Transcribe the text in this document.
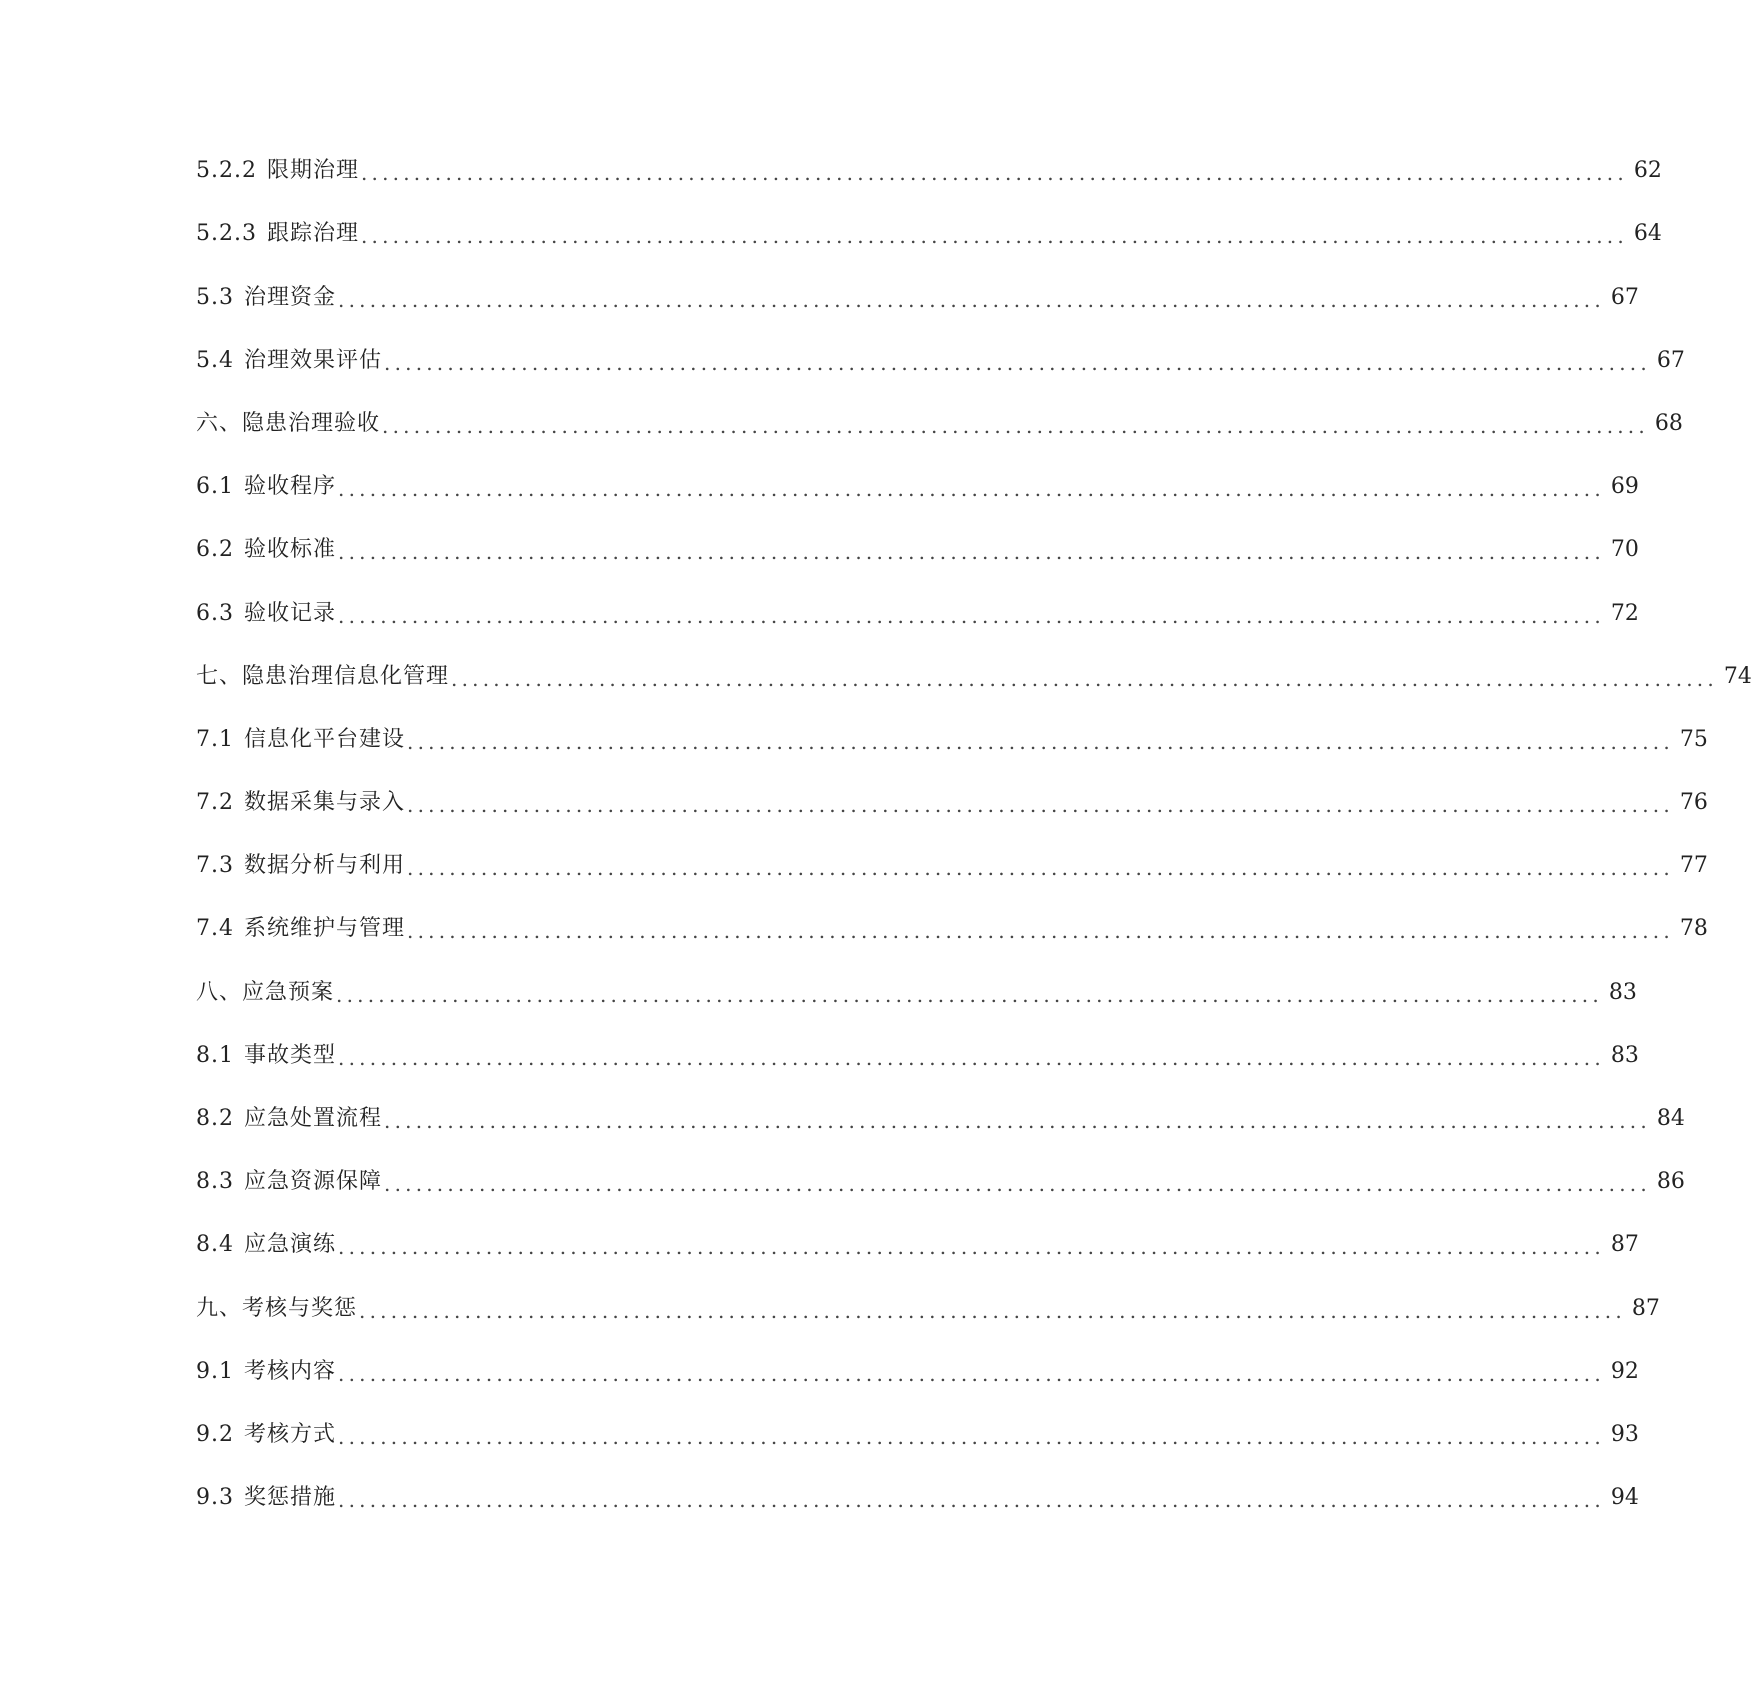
5.2.2 限期治理 ........................................................................................................................ 62
5.2.3 跟踪治理 ........................................................................................................................ 64
5.3 治理资金 ........................................................................................................................ 67
5.4 治理效果评估 ........................................................................................................................ 67
六、 隐患治理验收 ........................................................................................................................ 68
6.1 验收程序 ........................................................................................................................ 69
6.2 验收标准 ........................................................................................................................ 70
6.3 验收记录 ........................................................................................................................ 72
七、 隐患治理信息化管理 ........................................................................................................................ 74
7.1 信息化平台建设 ........................................................................................................................ 75
7.2 数据采集与录入 ........................................................................................................................ 76
7.3 数据分析与利用 ........................................................................................................................ 77
7.4 系统维护与管理 ........................................................................................................................ 78
八、 应急预案 ........................................................................................................................ 83
8.1 事故类型 ........................................................................................................................ 83
8.2 应急处置流程 ........................................................................................................................ 84
8.3 应急资源保障 ........................................................................................................................ 86
8.4 应急演练 ........................................................................................................................ 87
九、 考核与奖惩 ........................................................................................................................ 87
9.1 考核内容 ........................................................................................................................ 92
9.2 考核方式 ........................................................................................................................ 93
9.3 奖惩措施 ........................................................................................................................ 94
